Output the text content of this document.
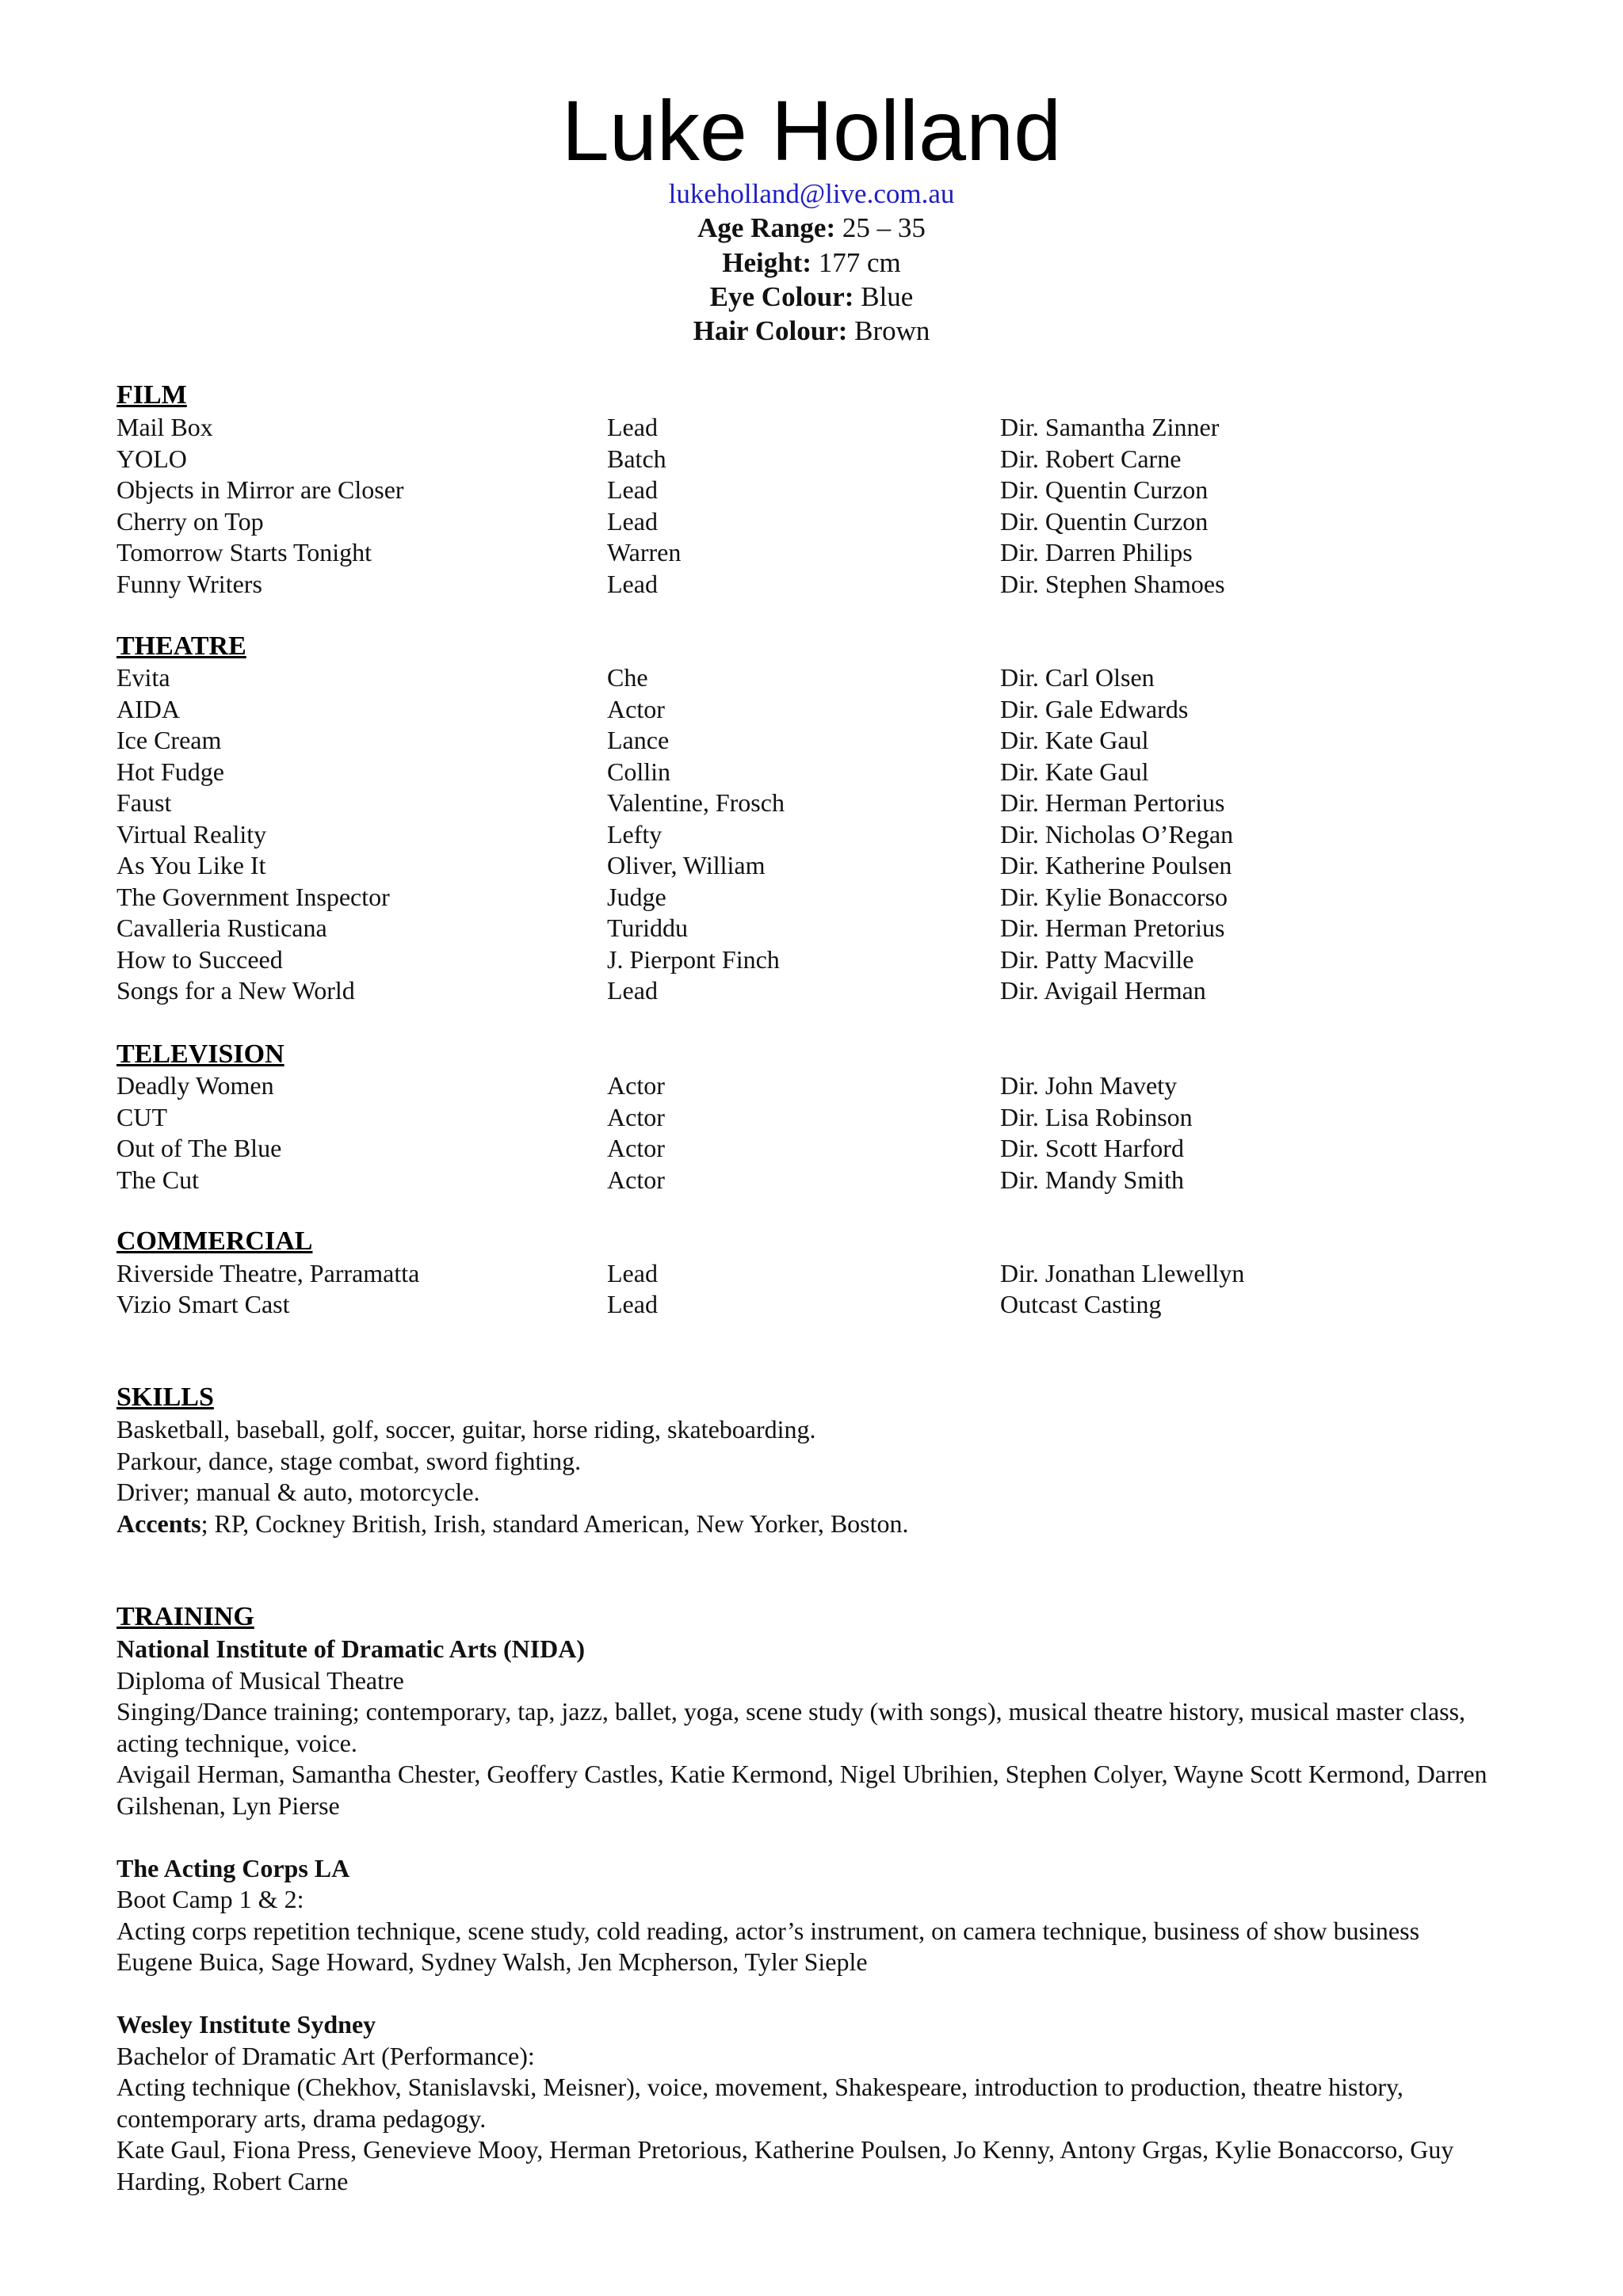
Luke Holland
lukeholland@live.com.au
Age Range: 25 – 35
Height: 177 cm
Eye Colour: Blue
Hair Colour: Brown
FILM
Mail Box	Lead	Dir. Samantha Zinner
YOLO	Batch	Dir. Robert Carne
Objects in Mirror are Closer	Lead	Dir. Quentin Curzon
Cherry on Top	Lead	Dir. Quentin Curzon
Tomorrow Starts Tonight	Warren	Dir. Darren Philips
Funny Writers	Lead	Dir. Stephen Shamoes
THEATRE
Evita	Che	Dir. Carl Olsen
AIDA	Actor	Dir. Gale Edwards
Ice Cream	Lance	Dir. Kate Gaul
Hot Fudge	Collin	Dir. Kate Gaul
Faust	Valentine, Frosch	Dir. Herman Pertorius
Virtual Reality	Lefty	Dir. Nicholas O’Regan
As You Like It	Oliver, William	Dir. Katherine Poulsen
The Government Inspector	Judge	Dir. Kylie Bonaccorso
Cavalleria Rusticana	Turiddu	Dir. Herman Pretorius
How to Succeed	J. Pierpont Finch	Dir. Patty Macville
Songs for a New World	Lead	Dir. Avigail Herman
TELEVISION
Deadly Women	Actor	Dir. John Mavety
CUT	Actor	Dir. Lisa Robinson
Out of The Blue	Actor	Dir. Scott Harford
The Cut	Actor	Dir. Mandy Smith
COMMERCIAL
Riverside Theatre, Parramatta	Lead	Dir. Jonathan Llewellyn
Vizio Smart Cast	Lead	Outcast Casting
SKILLS
Basketball, baseball, golf, soccer, guitar, horse riding, skateboarding.
Parkour, dance, stage combat, sword fighting.
Driver; manual & auto, motorcycle.
Accents; RP, Cockney British, Irish, standard American, New Yorker, Boston.
TRAINING
National Institute of Dramatic Arts (NIDA)
Diploma of Musical Theatre
Singing/Dance training; contemporary, tap, jazz, ballet, yoga, scene study (with songs), musical theatre history, musical master class, acting technique, voice.
Avigail Herman, Samantha Chester, Geoffery Castles, Katie Kermond, Nigel Ubrihien, Stephen Colyer, Wayne Scott Kermond, Darren Gilshenan, Lyn Pierse
The Acting Corps LA
Boot Camp 1 & 2:
Acting corps repetition technique, scene study, cold reading, actor’s instrument, on camera technique, business of show business
Eugene Buica, Sage Howard, Sydney Walsh, Jen Mcpherson, Tyler Sieple
Wesley Institute Sydney
Bachelor of Dramatic Art (Performance):
Acting technique (Chekhov, Stanislavski, Meisner), voice, movement, Shakespeare, introduction to production, theatre history, contemporary arts, drama pedagogy.
Kate Gaul, Fiona Press, Genevieve Mooy, Herman Pretorious, Katherine Poulsen, Jo Kenny, Antony Grgas, Kylie Bonaccorso, Guy Harding, Robert Carne
